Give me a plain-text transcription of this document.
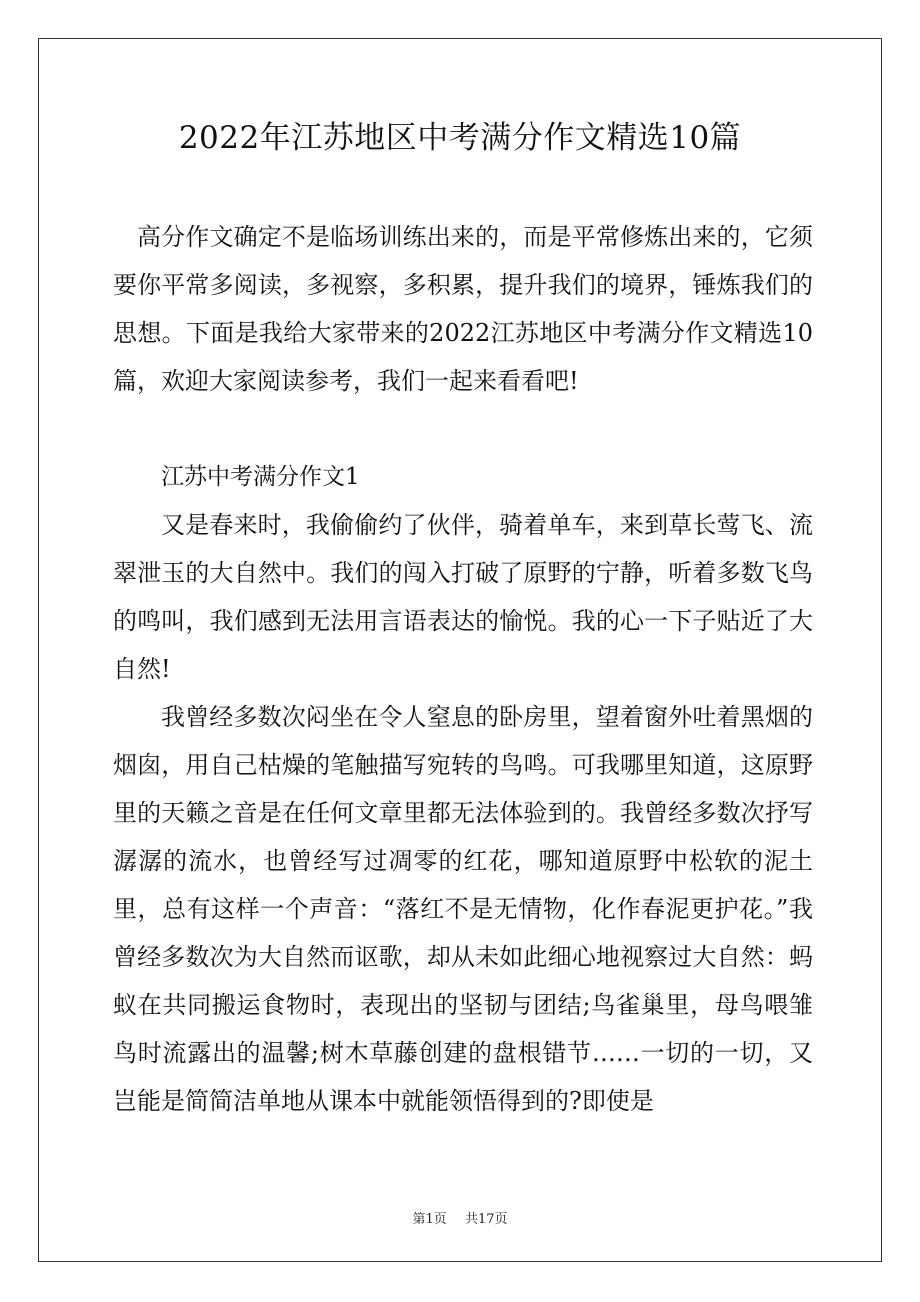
2022年江苏地区中考满分作文精选10篇

高分作文确定不是临场训练出来的，而是平常修炼出来的，它须要你平常多阅读，多视察，多积累，提升我们的境界，锤炼我们的思想。下面是我给大家带来的2022江苏地区中考满分作文精选10篇，欢迎大家阅读参考，我们一起来看看吧!

江苏中考满分作文1

又是春来时，我偷偷约了伙伴，骑着单车，来到草长莺飞、流翠泄玉的大自然中。我们的闯入打破了原野的宁静，听着多数飞鸟的鸣叫，我们感到无法用言语表达的愉悦。我的心一下子贴近了大自然!

我曾经多数次闷坐在令人窒息的卧房里，望着窗外吐着黑烟的烟囱，用自己枯燥的笔触描写宛转的鸟鸣。可我哪里知道，这原野里的天籁之音是在任何文章里都无法体验到的。我曾经多数次抒写潺潺的流水，也曾经写过凋零的红花，哪知道原野中松软的泥土里，总有这样一个声音：“落红不是无情物，化作春泥更护花。”我曾经多数次为大自然而讴歌，却从未如此细心地视察过大自然：蚂蚁在共同搬运食物时，表现出的坚韧与团结;鸟雀巢里，母鸟喂雏鸟时流露出的温馨;树木草藤创建的盘根错节……一切的一切，又岂能是简简洁单地从课本中就能领悟得到的?即使是

第1页 共17页
